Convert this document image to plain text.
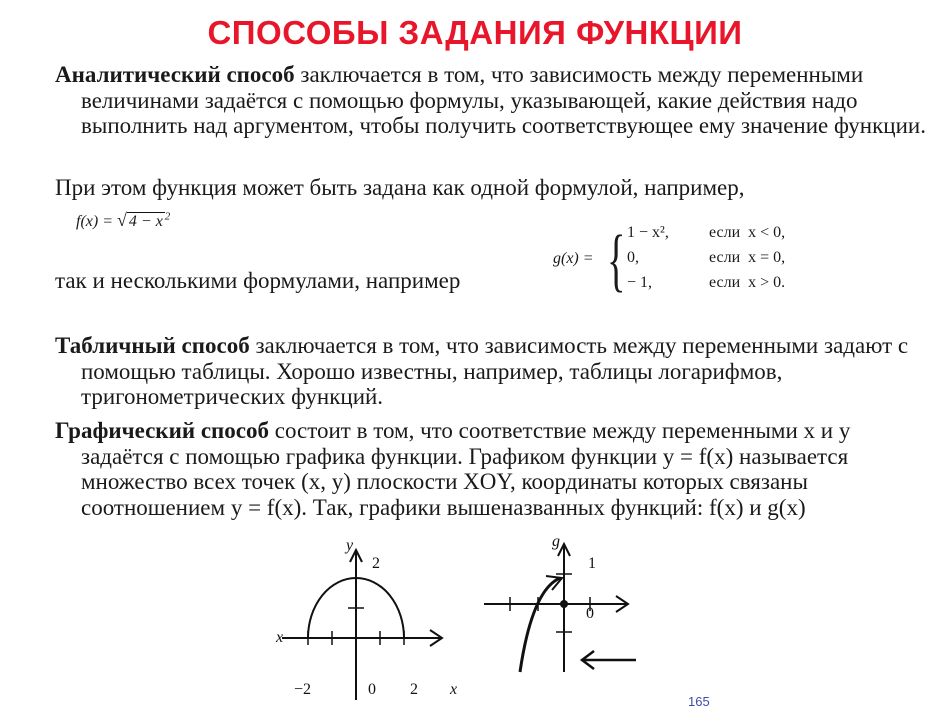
СПОСОБЫ ЗАДАНИЯ ФУНКЦИИ
Аналитический способ заключается в том, что зависимость между переменными величинами задаётся с помощью формулы, указывающей, какие действия надо выполнить над аргументом, чтобы получить соответствующее ему значение функции.
При этом функция может быть задана как одной формулой, например,
f(x) = √ 4 − x $^2$
так и несколькими формулами, например
g(x) = { 1 − x², если  x < 0,
0,	если  x = 0,
− 1,	если  x > 0.
Табличный способ заключается в том, что зависимость между переменными задают с помощью таблицы. Хорошо известны, например, таблицы логарифмов, тригонометрических функций.
Графический способ состоит в том, что соответствие между переменными x и y задаётся с помощью графика функции. Графиком функции y = f(x) называется множество всех точек (x, y) плоскости XOY, координаты которых связаны соотношением y = f(x). Так, графики вышеназванных функций: f(x) и g(x)
y
2
x
−2	0 2 x
g
1
0
165
